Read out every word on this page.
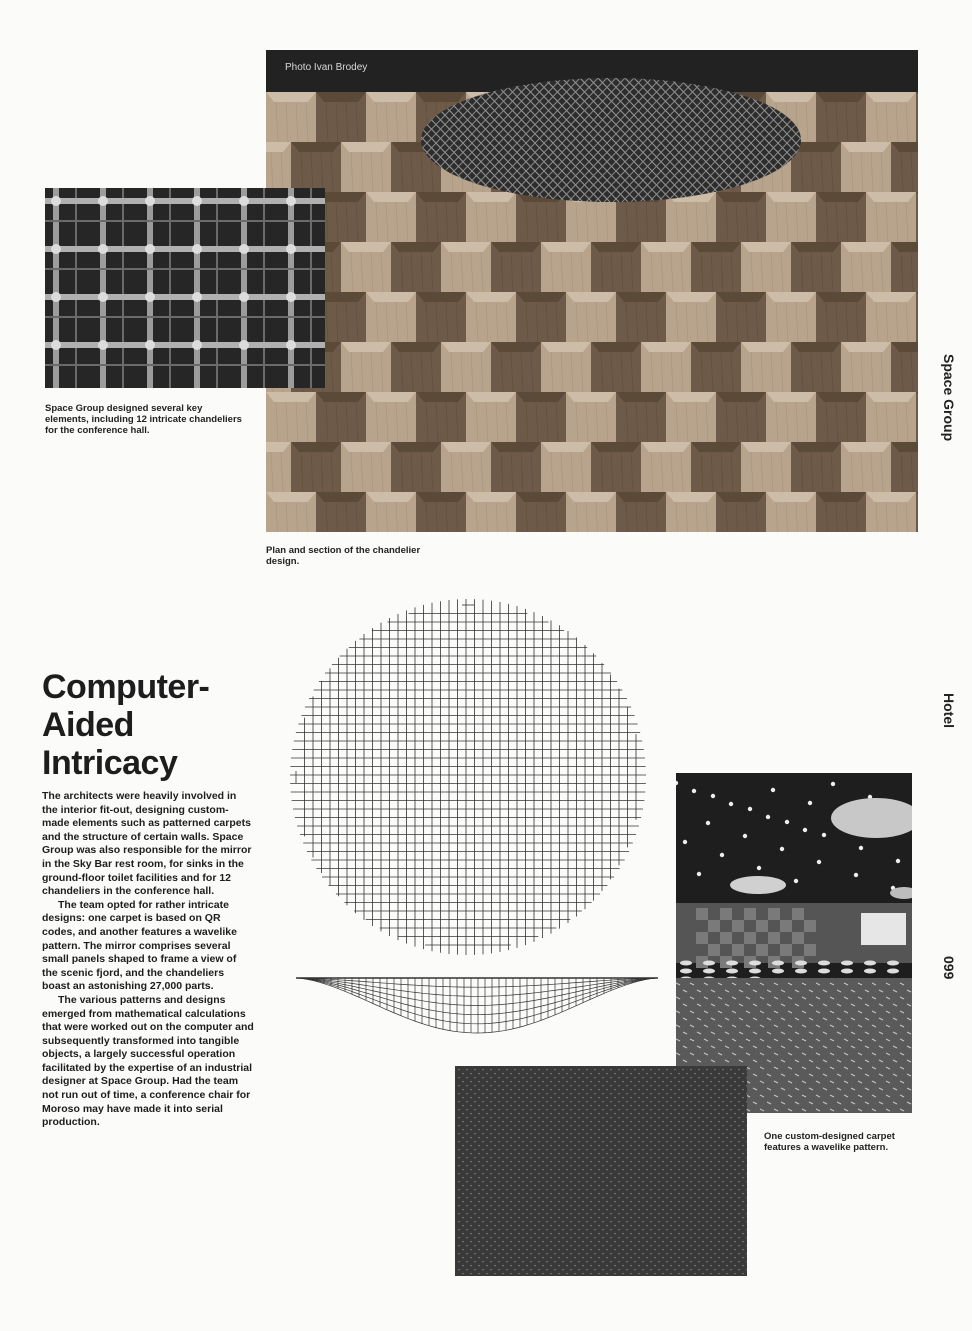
Photo Ivan Brodey
Space Group designed several key elements, including 12 intricate chandeliers for the conference hall.
Plan and section of the chandelier design.
One custom-designed carpet features a wavelike pattern.
Space Group
Hotel
099
Computer-
Aided
Intricacy

The architects were heavily involved in the interior fit-out, designing custom-made elements such as patterned carpets and the structure of certain walls. Space Group was also responsible for the mirror in the Sky Bar rest room, for sinks in the ground-floor toilet facilities and for 12 chandeliers in the conference hall.

The team opted for rather intricate designs: one carpet is based on QR codes, and another features a wavelike pattern. The mirror comprises several small panels shaped to frame a view of the scenic fjord, and the chandeliers boast an astonishing 27,000 parts.

The various patterns and designs emerged from mathematical calculations that were worked out on the computer and subsequently transformed into tangible objects, a largely successful operation facilitated by the expertise of an industrial designer at Space Group. Had the team not run out of time, a conference chair for Moroso may have made it into serial production.
